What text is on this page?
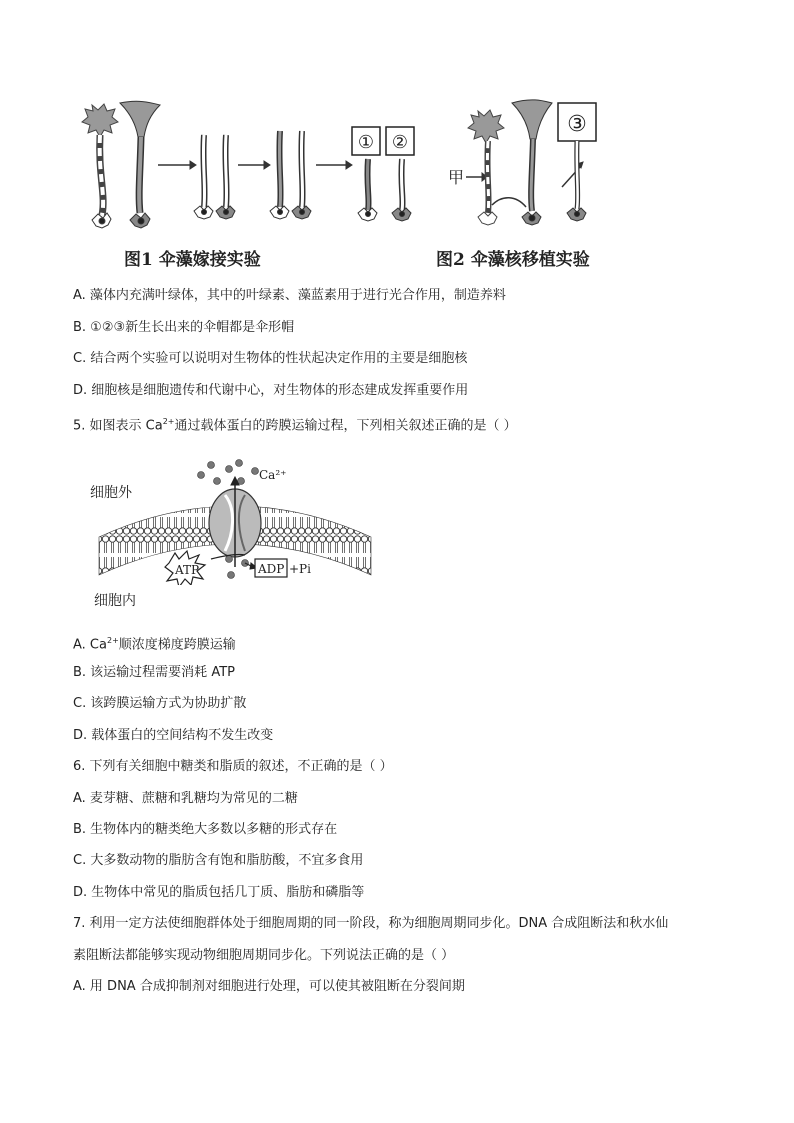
① ②
图1 伞藻嫁接实验
甲
③
图2 伞藻核移植实验
A. 藻体内充满叶绿体，其中的叶绿素、藻蓝素用于进行光合作用，制造养料
B. ①②③新生长出来的伞帽都是伞形帽
C. 结合两个实验可以说明对生物体的性状起决定作用的主要是细胞核
D. 细胞核是细胞遗传和代谢中心，对生物体的形态建成发挥重要作用
5. 如图表示 $Ca^{2+}$通过载体蛋白的跨膜运输过程，下列相关叙述正确的是（ ）
细胞外
细胞内
Ca²⁺
ATP	ADP +Pi
A. $Ca^{2+}$顺浓度梯度跨膜运输
B. 该运输过程需要消耗 ATP
C. 该跨膜运输方式为协助扩散
D. 载体蛋白的空间结构不发生改变
6. 下列有关细胞中糖类和脂质的叙述，不正确的是（ ）
A. 麦芽糖、蔗糖和乳糖均为常见的二糖
B. 生物体内的糖类绝大多数以多糖的形式存在
C. 大多数动物的脂肪含有饱和脂肪酸，不宜多食用
D. 生物体中常见的脂质包括几丁质、脂肪和磷脂等
7. 利用一定方法使细胞群体处于细胞周期的同一阶段，称为细胞周期同步化。DNA 合成阻断法和秋水仙
素阻断法都能够实现动物细胞周期同步化。下列说法正确的是（ ）
A. 用 DNA 合成抑制剂对细胞进行处理，可以使其被阻断在分裂间期
